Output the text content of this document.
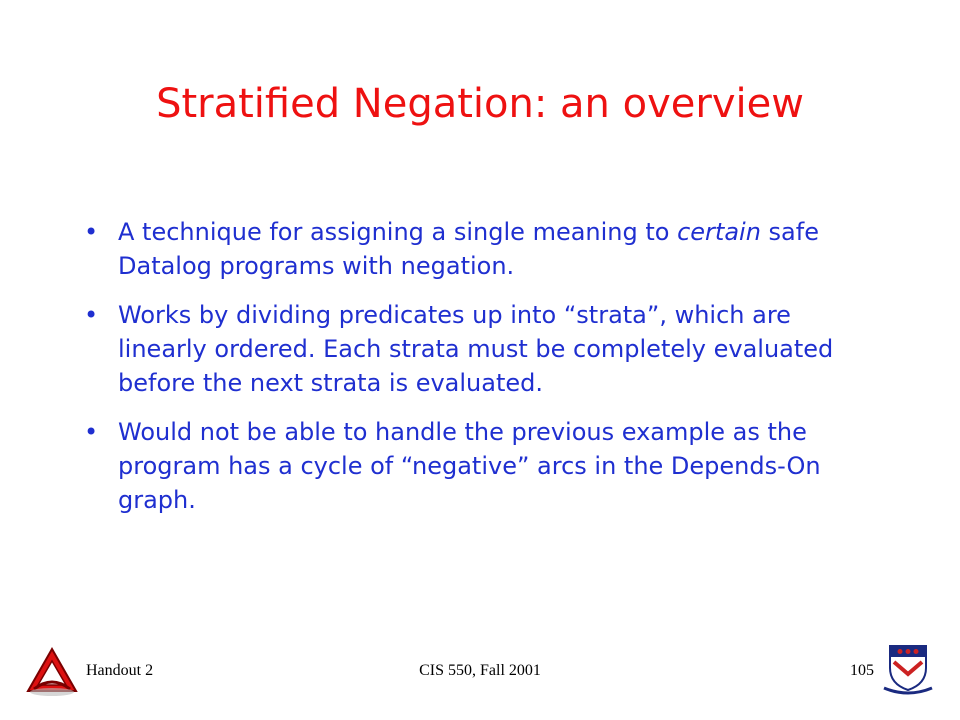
Stratified Negation: an overview
• A technique for assigning a single meaning to certain safe Datalog programs with negation.
• Works by dividing predicates up into “strata”, which are linearly ordered. Each strata must be completely evaluated before the next strata is evaluated.
• Would not be able to handle the previous example as the program has a cycle of “negative” arcs in the Depends-On graph.
Handout 2	CIS 550, Fall 2001	105
